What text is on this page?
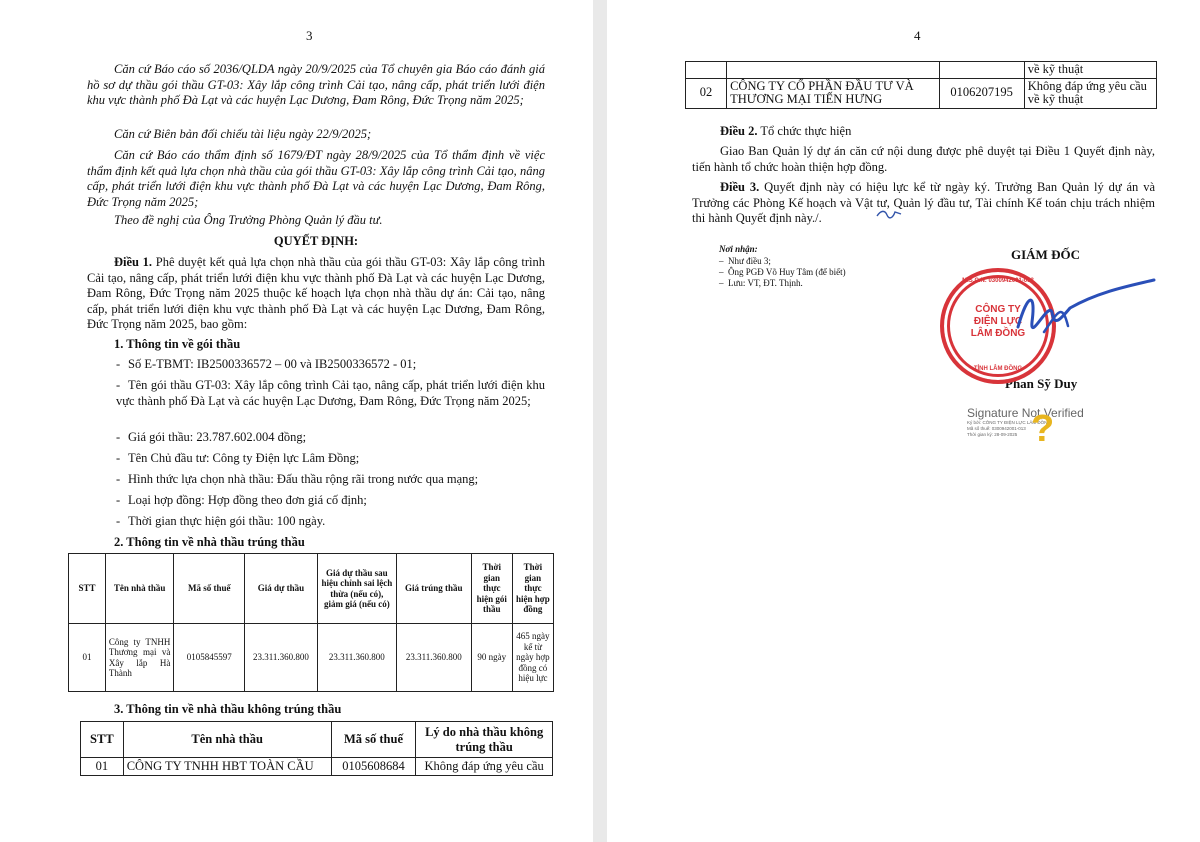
3
Căn cứ Báo cáo số 2036/QLDA ngày 20/9/2025 của Tổ chuyên gia Báo cáo đánh giá hồ sơ dự thầu gói thầu GT-03: Xây lắp công trình Cải tạo, nâng cấp, phát triển lưới điện khu vực thành phố Đà Lạt và các huyện Lạc Dương, Đam Rông, Đức Trọng năm 2025;
Căn cứ Biên bản đối chiếu tài liệu ngày 22/9/2025;
Căn cứ Báo cáo thẩm định số 1679/ĐT ngày 28/9/2025 của Tổ thẩm định về việc thẩm định kết quả lựa chọn nhà thầu của gói thầu GT-03: Xây lắp công trình Cải tạo, nâng cấp, phát triển lưới điện khu vực thành phố Đà Lạt và các huyện Lạc Dương, Đam Rông, Đức Trọng năm 2025;
Theo đề nghị của Ông Trưởng Phòng Quản lý đầu tư.
QUYẾT ĐỊNH:
Điều 1. Phê duyệt kết quả lựa chọn nhà thầu của gói thầu GT-03: Xây lắp công trình Cải tạo, nâng cấp, phát triển lưới điện khu vực thành phố Đà Lạt và các huyện Lạc Dương, Đam Rông, Đức Trọng năm 2025 thuộc kế hoạch lựa chọn nhà thầu dự án: Cải tạo, nâng cấp, phát triển lưới điện khu vực thành phố Đà Lạt và các huyện Lạc Dương, Đam Rông, Đức Trọng năm 2025, bao gồm:
1. Thông tin về gói thầu
- Số E-TBMT: IB2500336572 – 00 và IB2500336572 - 01;
- Tên gói thầu GT-03: Xây lắp công trình Cải tạo, nâng cấp, phát triển lưới điện khu vực thành phố Đà Lạt và các huyện Lạc Dương, Đam Rông, Đức Trọng năm 2025;
- Giá gói thầu: 23.787.602.004 đồng;
- Tên Chủ đầu tư: Công ty Điện lực Lâm Đồng;
- Hình thức lựa chọn nhà thầu: Đấu thầu rộng rãi trong nước qua mạng;
- Loại hợp đồng: Hợp đồng theo đơn giá cố định;
- Thời gian thực hiện gói thầu: 100 ngày.
2. Thông tin về nhà thầu trúng thầu
STT	Tên nhà thầu	Mã số thuế	Giá dự thầu	Giá dự thầu sau hiệu chỉnh sai lệch thừa (nếu có), giảm giá (nếu có)	Giá trúng thầu	Thời gian thực hiện gói thầu	Thời gian thực hiện hợp đồng
01	Công ty TNHH Thương mại và Xây lắp Hà Thành	0105845597	23.311.360.800	23.311.360.800	23.311.360.800	90 ngày	465 ngày kể từ ngày hợp đồng có hiệu lực
3. Thông tin về nhà thầu không trúng thầu
STT	Tên nhà thầu	Mã số thuế	Lý do nhà thầu không trúng thầu
01	CÔNG TY TNHH HBT TOÀN CẦU	0105608684	Không đáp ứng yêu cầu
4
			về kỹ thuật
02	CÔNG TY CỔ PHẦN ĐẦU TƯ VÀ THƯƠNG MẠI TIẾN HƯNG	0106207195	Không đáp ứng yêu cầu về kỹ thuật
Điều 2. Tổ chức thực hiện
Giao Ban Quản lý dự án căn cứ nội dung được phê duyệt tại Điều 1 Quyết định này, tiến hành tổ chức hoàn thiện hợp đồng.
Điều 3. Quyết định này có hiệu lực kể từ ngày ký. Trưởng Ban Quản lý dự án và Trưởng các Phòng Kế hoạch và Vật tư, Quản lý đầu tư, Tài chính Kế toán chịu trách nhiệm thi hành Quyết định này./.
Nơi nhận:
–  Như điều 3;
–  Ông PGĐ Võ Huy Tâm (để biết)
–  Lưu: VT, ĐT. Thịnh.
GIÁM ĐỐC
Phan Sỹ Duy
Signature Not Verified
Ký bởi: CÔNG TY ĐIỆN LỰC LÂM ĐỒNG
Mã số thuế: 0300942001-013
Thời gian ký: 28-09-2025 ?
M.S.C.N: 0300942001-013
CÔNG TY ĐIỆN LỰC LÂM ĐỒNG
TỈNH LÂM ĐỒNG
